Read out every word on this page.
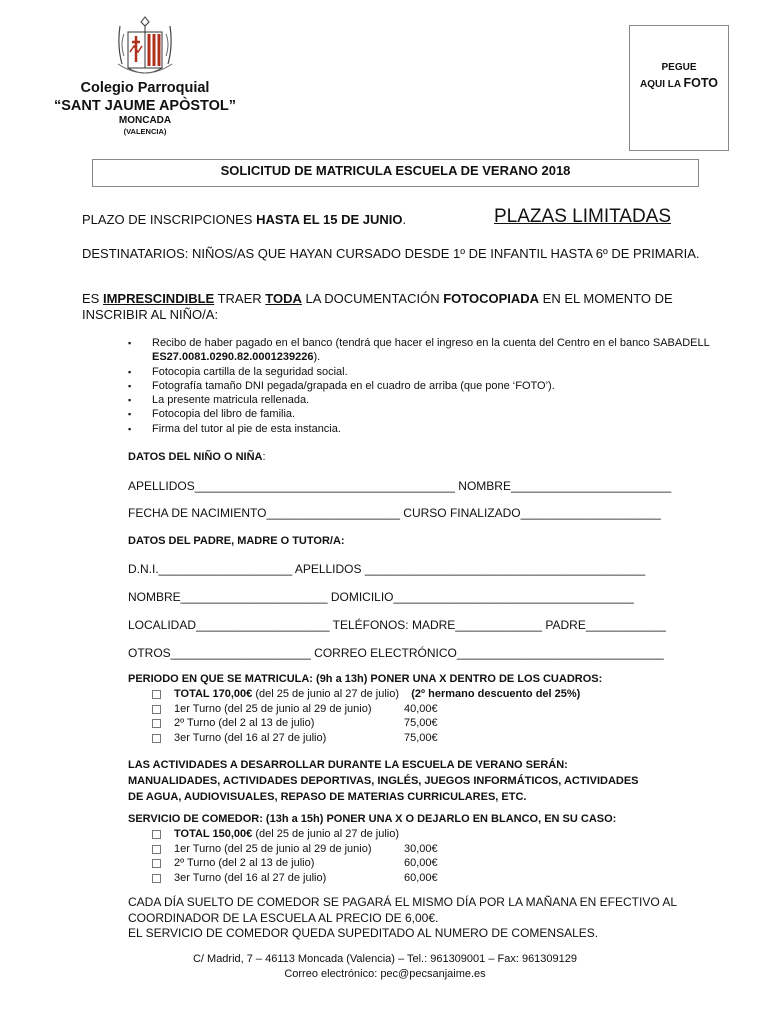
Colegio Parroquial
“SANT JAUME APÒSTOL”
MONCADA
(VALENCIA)
PEGUE
AQUI LA FOTO
SOLICITUD DE MATRICULA ESCUELA DE VERANO 2018
PLAZO DE INSCRIPCIONES HASTA EL 15 DE JUNIO.	PLAZAS LIMITADAS
DESTINATARIOS: NIÑOS/AS QUE HAYAN CURSADO DESDE 1º DE INFANTIL HASTA 6º DE PRIMARIA.
ES IMPRESCINDIBLE TRAER TODA LA DOCUMENTACIÓN FOTOCOPIADA EN EL MOMENTO DE
INSCRIBIR AL NIÑO/A:
▪ Recibo de haber pagado en el banco (tendrá que hacer el ingreso en la cuenta del Centro en el banco SABADELL ES27.0081.0290.82.0001239226).
▪ Fotocopia cartilla de la seguridad social.
▪ Fotografía tamaño DNI pegada/grapada en el cuadro de arriba (que pone ‘FOTO’).
▪ La presente matricula rellenada.
▪ Fotocopia del libro de familia.
▪ Firma del tutor al pie de esta instancia.
DATOS DEL NIÑO O NIÑA:
APELLIDOS_______________________________________ NOMBRE________________________
FECHA DE NACIMIENTO____________________ CURSO FINALIZADO_____________________
DATOS DEL PADRE, MADRE O TUTOR/A:
D.N.I.____________________ APELLIDOS __________________________________________
NOMBRE______________________ DOMICILIO____________________________________
LOCALIDAD____________________ TELÉFONOS: MADRE_____________ PADRE____________
OTROS_____________________ CORREO ELECTRÓNICO_______________________________
PERIODO EN QUE SE MATRICULA: (9h a 13h) PONER UNA X DENTRO DE LOS CUADROS:
TOTAL 170,00€ (del 25 de junio al 27 de julio) (2º hermano descuento del 25%)
1er Turno (del 25 de junio al 29 de junio)	40,00€
2º Turno (del 2 al 13 de julio)	75,00€
3er Turno (del 16 al 27 de julio)	75,00€
LAS ACTIVIDADES A DESARROLLAR DURANTE LA ESCUELA DE VERANO SERÁN:
MANUALIDADES, ACTIVIDADES DEPORTIVAS, INGLÉS, JUEGOS INFORMÁTICOS, ACTIVIDADES
DE AGUA, AUDIOVISUALES, REPASO DE MATERIAS CURRICULARES, ETC.
SERVICIO DE COMEDOR: (13h a 15h) PONER UNA X O DEJARLO EN BLANCO, EN SU CASO:
TOTAL 150,00€ (del 25 de junio al 27 de julio)
1er Turno (del 25 de junio al 29 de junio)	30,00€
2º Turno (del 2 al 13 de julio)	60,00€
3er Turno (del 16 al 27 de julio)	60,00€
CADA DÍA SUELTO DE COMEDOR SE PAGARÁ EL MISMO DÍA POR LA MAÑANA EN EFECTIVO AL
COORDINADOR DE LA ESCUELA AL PRECIO DE 6,00€.
EL SERVICIO DE COMEDOR QUEDA SUPEDITADO AL NUMERO DE COMENSALES.
C/ Madrid, 7 – 46113 Moncada (Valencia) – Tel.: 961309001 – Fax: 961309129
Correo electrónico: pec@pecsanjaime.es
